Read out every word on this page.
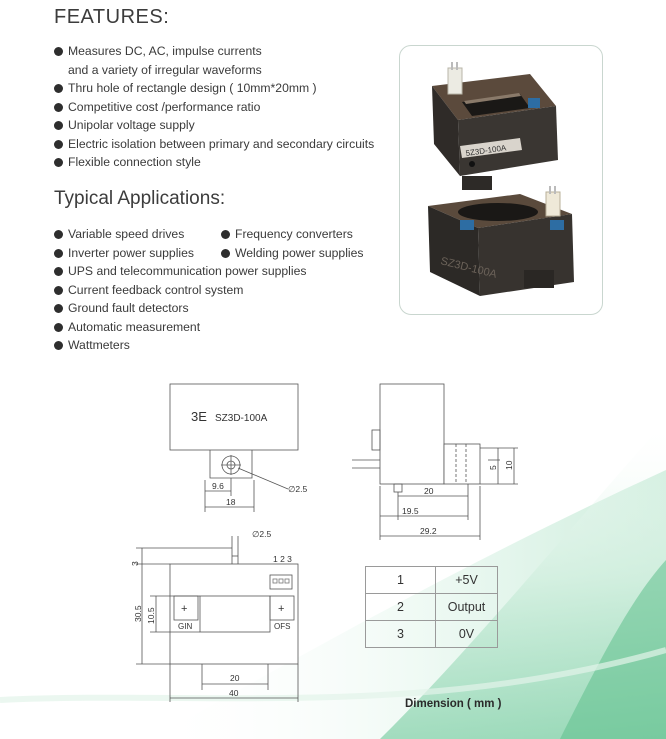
FEATURES:
Measures DC, AC, impulse currents
and a variety of irregular waveforms
Thru hole of rectangle design ( 10mm*20mm )
Competitive cost /performance ratio
Unipolar voltage supply
Electric isolation between primary and secondary circuits
Flexible connection style
Typical Applications:
Variable speed drives
Inverter power supplies
Frequency converters
Welding power supplies
UPS and telecommunication power supplies
Current feedback control system
Ground fault detectors
Automatic measurement
Wattmeters
5Z3D-100A
SZ3D-100A
3E SZ3D-100A
∅2.5
9.6
18
20
19.5
29.2
5 10
∅2.5
1 2 3
3
30.5 10.5
GIN	OFS
20
40
+	+
1	+5V
2	Output
3	0V
Dimension ( mm )
